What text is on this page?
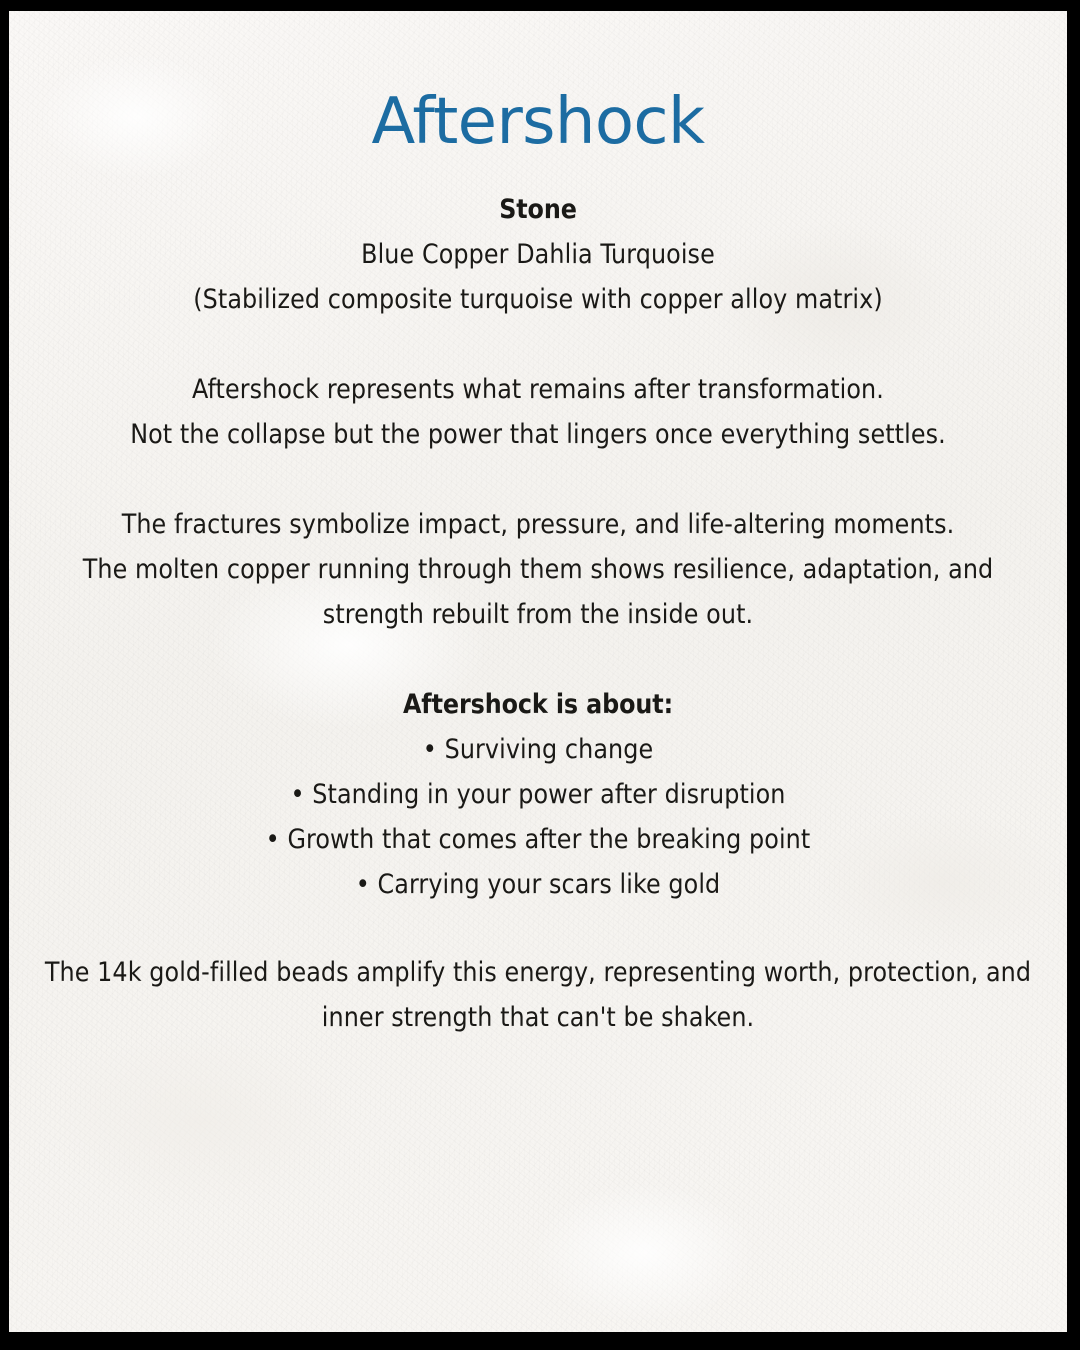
Aftershock
Stone
Blue Copper Dahlia Turquoise
(Stabilized composite turquoise with copper alloy matrix)
Aftershock represents what remains after transformation.
Not the collapse but the power that lingers once everything settles.
The fractures symbolize impact, pressure, and life-altering moments.
The molten copper running through them shows resilience, adaptation, and
strength rebuilt from the inside out.
Aftershock is about:
• Surviving change
• Standing in your power after disruption
• Growth that comes after the breaking point
• Carrying your scars like gold
The 14k gold-filled beads amplify this energy, representing worth, protection, and
inner strength that can't be shaken.
